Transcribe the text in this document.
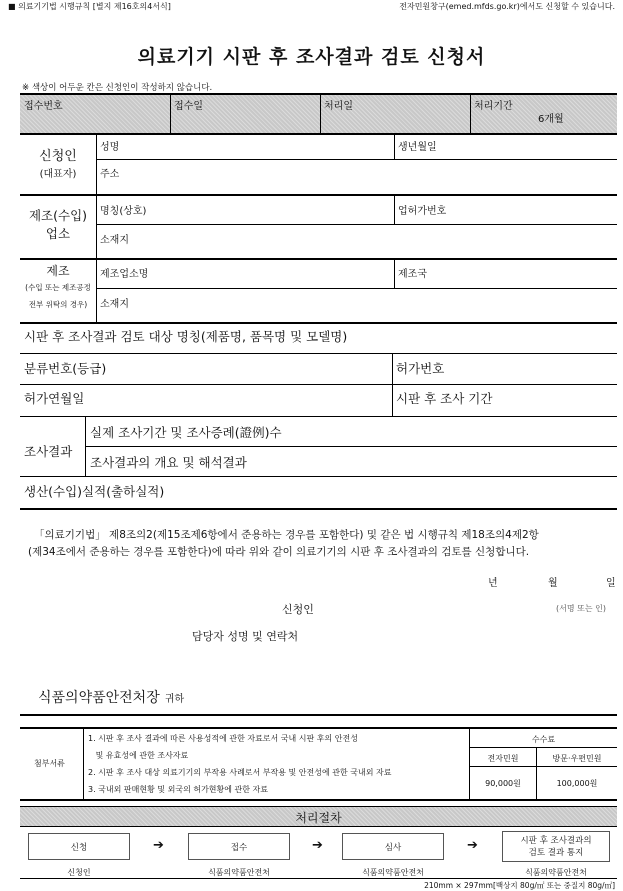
■ 의료기기법 시행규칙 [별지 제16호의4서식]	전자민원창구(emed.mfds.go.kr)에서도 신청할 수 있습니다.
의료기기 시판 후 조사결과 검토 신청서
※ 색상이 어두운 칸은 신청인이 작성하지 않습니다.
접수번호	접수일	처리일	처리기간
6개월
신청인
(대표자)
성명	생년월일
주소
제조(수입)
업소
명칭(상호)	업허가번호
소재지
제조
(수입 또는 제조공정
전부 위탁의 경우)
제조업소명	제조국
소재지
시판 후 조사결과 검토 대상 명칭(제품명, 품목명 및 모델명)
분류번호(등급)	허가번호
허가연월일	시판 후 조사 기간
조사결과
실제 조사기간 및 조사증례(證例)수
조사결과의 개요 및 해석결과
생산(수입)실적(출하실적)
「의료기기법」 제8조의2(제15조제6항에서 준용하는 경우를 포함한다) 및 같은 법 시행규칙 제18조의4제2항
(제34조에서 준용하는 경우를 포함한다)에 따라 위와 같이 의료기기의 시판 후 조사결과의 검토를 신청합니다.
년	월	일
신청인	(서명 또는 인)
담당자 성명 및 연락처
식품의약품안전처장 귀하
첨부서류
1. 시판 후 조사 결과에 따른 사용성적에 관한 자료로서 국내 시판 후의 안전성
및 유효성에 관한 조사자료
2. 시판 후 조사 대상 의료기기의 부작용 사례로서 부작용 및 안전성에 관한 국내외 자료
3. 국내외 판매현황 및 외국의 허가현황에 관한 자료
수수료
전자민원	방문·우편민원
90,000원	100,000원
처리절차
신청	➔	접수	➔	심사	➔	시판 후 조사결과의
검토 결과 통지
신청인	식품의약품안전처	식품의약품안전처	식품의약품안전처
210mm × 297mm[백상지 80g/㎡ 또는 중질지 80g/㎡]
